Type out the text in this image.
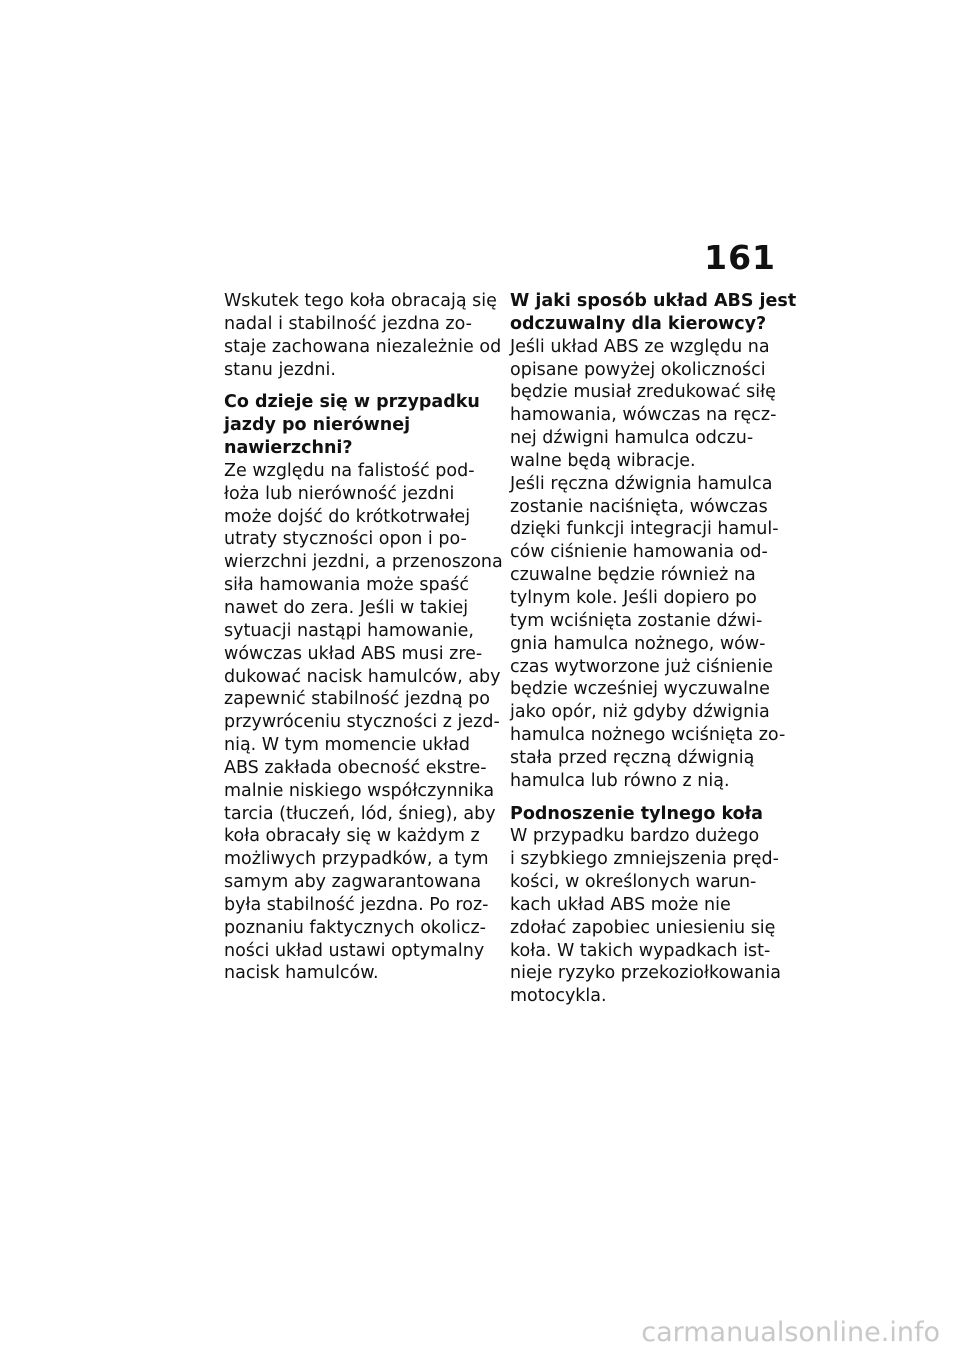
161

Wskutek tego koła obracają się
nadal i stabilność jezdna zo-
staje zachowana niezależnie od
stanu jezdni.

Co dzieje się w przypadku
jazdy po nierównej
nawierzchni?

Ze względu na falistość pod-
łoża lub nierówność jezdni
może dojść do krótkotrwałej
utraty styczności opon i po-
wierzchni jezdni, a przenoszona
siła hamowania może spaść
nawet do zera. Jeśli w takiej
sytuacji nastąpi hamowanie,
wówczas układ ABS musi zre-
dukować nacisk hamulców, aby
zapewnić stabilność jezdną po
przywróceniu styczności z jezd-
nią. W tym momencie układ
ABS zakłada obecność ekstre-
malnie niskiego współczynnika
tarcia (tłuczeń, lód, śnieg), aby
koła obracały się w każdym z
możliwych przypadków, a tym
samym aby zagwarantowana
była stabilność jezdna. Po roz-
poznaniu faktycznych okolicz-
ności układ ustawi optymalny
nacisk hamulców.

W jaki sposób układ ABS jest
odczuwalny dla kierowcy?

Jeśli układ ABS ze względu na
opisane powyżej okoliczności
będzie musiał zredukować siłę
hamowania, wówczas na ręcz-
nej dźwigni hamulca odczu-
walne będą wibracje.
Jeśli ręczna dźwignia hamulca
zostanie naciśnięta, wówczas
dzięki funkcji integracji hamul-
ców ciśnienie hamowania od-
czuwalne będzie również na
tylnym kole. Jeśli dopiero po
tym wciśnięta zostanie dźwi-
gnia hamulca nożnego, wów-
czas wytworzone już ciśnienie
będzie wcześniej wyczuwalne
jako opór, niż gdyby dźwignia
hamulca nożnego wciśnięta zo-
stała przed ręczną dźwignią
hamulca lub równo z nią.

Podnoszenie tylnego koła

W przypadku bardzo dużego
i szybkiego zmniejszenia pręd-
kości, w określonych warun-
kach układ ABS może nie
zdołać zapobiec uniesieniu się
koła. W takich wypadkach ist-
nieje ryzyko przekoziołkowania
motocykla.

carmanualsonline.info
